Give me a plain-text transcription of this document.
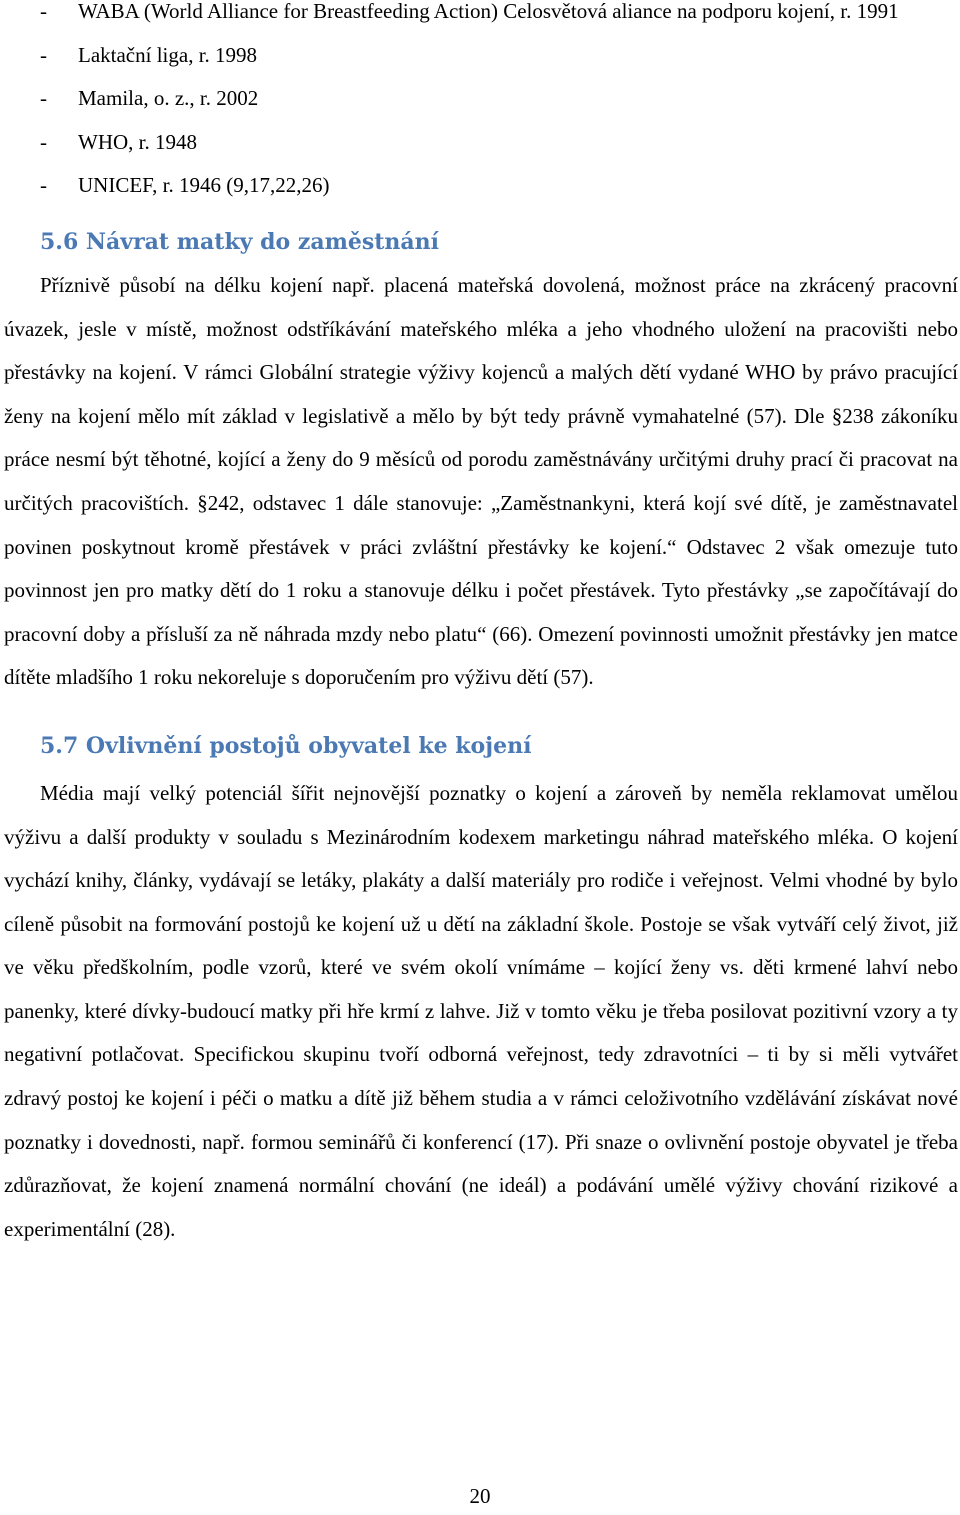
- WABA (World Alliance for Breastfeeding Action) Celosvětová aliance na podporu kojení, r. 1991
- Laktační liga, r. 1998
- Mamila, o. z., r. 2002
- WHO, r. 1948
- UNICEF, r. 1946 (9,17,22,26)
5.6 Návrat matky do zaměstnání

Příznivě působí na délku kojení např. placená mateřská dovolená, možnost práce na zkrácený pracovní úvazek, jesle v místě, možnost odstříkávání mateřského mléka a jeho vhodného uložení na pracovišti nebo přestávky na kojení. V rámci Globální strategie výživy kojenců a malých dětí vydané WHO by právo pracující ženy na kojení mělo mít základ v legislativě a mělo by být tedy právně vymahatelné (57). Dle §238 zákoníku práce nesmí být těhotné, kojící a ženy do 9 měsíců od porodu zaměstnávány určitými druhy prací či pracovat na určitých pracovištích. §242, odstavec 1 dále stanovuje: „Zaměstnankyni, která kojí své dítě, je zaměstnavatel povinen poskytnout kromě přestávek v práci zvláštní přestávky ke kojení.“ Odstavec 2 však omezuje tuto povinnost jen pro matky dětí do 1 roku a stanovuje délku i počet přestávek. Tyto přestávky „se započítávají do pracovní doby a přísluší za ně náhrada mzdy nebo platu“ (66). Omezení povinnosti umožnit přestávky jen matce dítěte mladšího 1 roku nekoreluje s doporučením pro výživu dětí (57).

5.7 Ovlivnění postojů obyvatel ke kojení

Média mají velký potenciál šířit nejnovější poznatky o kojení a zároveň by neměla reklamovat umělou výživu a další produkty v souladu s Mezinárodním kodexem marketingu náhrad mateřského mléka. O kojení vychází knihy, články, vydávají se letáky, plakáty a další materiály pro rodiče i veřejnost. Velmi vhodné by bylo cíleně působit na formování postojů ke kojení už u dětí na základní škole. Postoje se však vytváří celý život, již ve věku předškolním, podle vzorů, které ve svém okolí vnímáme – kojící ženy vs. děti krmené lahví nebo panenky, které dívky-budoucí matky při hře krmí z lahve. Již v tomto věku je třeba posilovat pozitivní vzory a ty negativní potlačovat. Specifickou skupinu tvoří odborná veřejnost, tedy zdravotníci – ti by si měli vytvářet zdravý postoj ke kojení i péči o matku a dítě již během studia a v rámci celoživotního vzdělávání získávat nové poznatky i dovednosti, např. formou seminářů či konferencí (17). Při snaze o ovlivnění postoje obyvatel je třeba zdůrazňovat, že kojení znamená normální chování (ne ideál) a podávání umělé výživy chování rizikové a experimentální (28).

20
